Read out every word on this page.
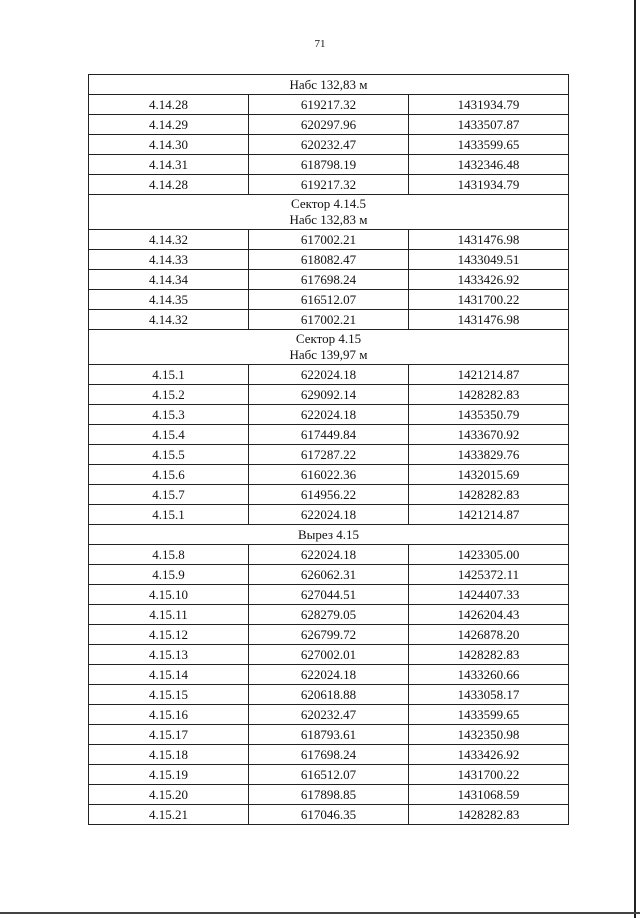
71
Набс 132,83 м		

4.14.28	619217.32	1431934.79
4.14.29	620297.96	1433507.87
4.14.30	620232.47	1433599.65
4.14.31	618798.19	1432346.48
4.14.28	619217.32	1431934.79

Сектор 4.14.5
Набс 132,83 м		

4.14.32	617002.21	1431476.98
4.14.33	618082.47	1433049.51
4.14.34	617698.24	1433426.92
4.14.35	616512.07	1431700.22
4.14.32	617002.21	1431476.98

Сектор 4.15
Набс 139,97 м		

4.15.1	622024.18	1421214.87
4.15.2	629092.14	1428282.83
4.15.3	622024.18	1435350.79
4.15.4	617449.84	1433670.92
4.15.5	617287.22	1433829.76
4.15.6	616022.36	1432015.69
4.15.7	614956.22	1428282.83
4.15.1	622024.18	1421214.87

Вырез 4.15		

4.15.8	622024.18	1423305.00
4.15.9	626062.31	1425372.11
4.15.10	627044.51	1424407.33
4.15.11	628279.05	1426204.43
4.15.12	626799.72	1426878.20
4.15.13	627002.01	1428282.83
4.15.14	622024.18	1433260.66
4.15.15	620618.88	1433058.17
4.15.16	620232.47	1433599.65
4.15.17	618793.61	1432350.98
4.15.18	617698.24	1433426.92
4.15.19	616512.07	1431700.22
4.15.20	617898.85	1431068.59
4.15.21	617046.35	1428282.83
